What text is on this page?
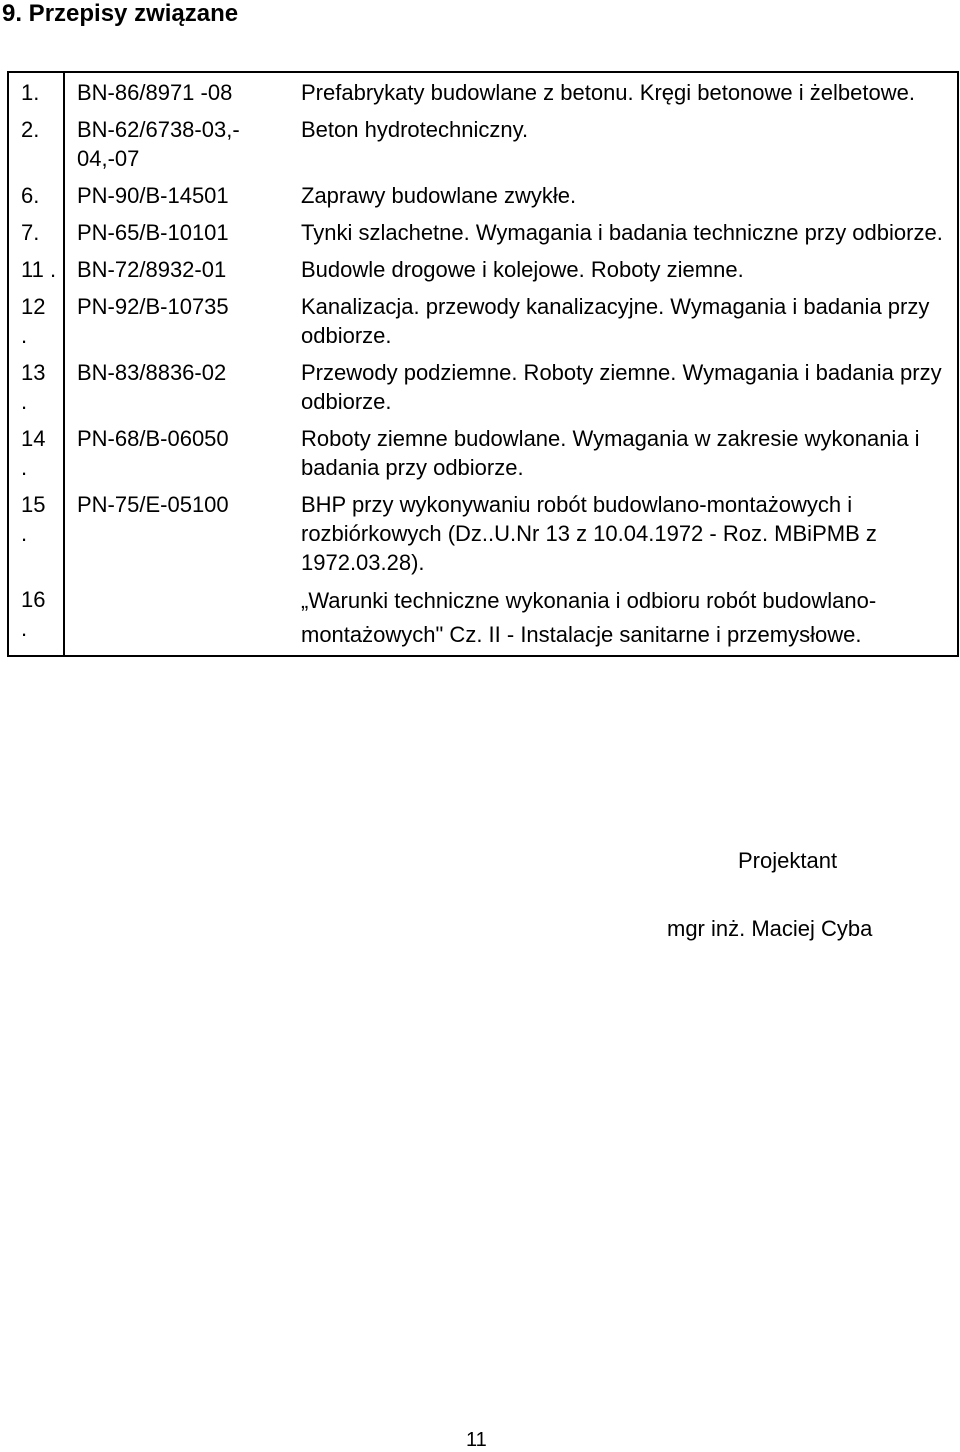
9. Przepisy związane
1.	BN-86/8971 -08	Prefabrykaty budowlane z betonu. Kręgi betonowe i żelbetowe.
2.	BN-62/6738-03,- 04,-07	Beton hydrotechniczny.
6.	PN-90/B-14501	Zaprawy budowlane zwykłe.
7.	PN-65/B-10101	Tynki szlachetne. Wymagania i badania techniczne przy odbiorze.
11 .	BN-72/8932-01	Budowle drogowe i kolejowe. Roboty ziemne.
12 .	PN-92/B-10735	Kanalizacja. przewody kanalizacyjne. Wymagania i badania przy odbiorze.
13 .	BN-83/8836-02	Przewody podziemne. Roboty ziemne. Wymagania i badania przy odbiorze.
14 .	PN-68/B-06050	Roboty ziemne budowlane. Wymagania w zakresie wykonania i badania przy odbiorze.
15 .	PN-75/E-05100	BHP przy wykonywaniu robót budowlano-montażowych i rozbiórkowych (Dz..U.Nr 13 z 10.04.1972 - Roz. MBiPMB z 1972.03.28).
16 .		„Warunki techniczne wykonania i odbioru robót budowlano-montażowych" Cz. II - Instalacje sanitarne i przemysłowe.
Projektant
mgr inż. Maciej Cyba
11
